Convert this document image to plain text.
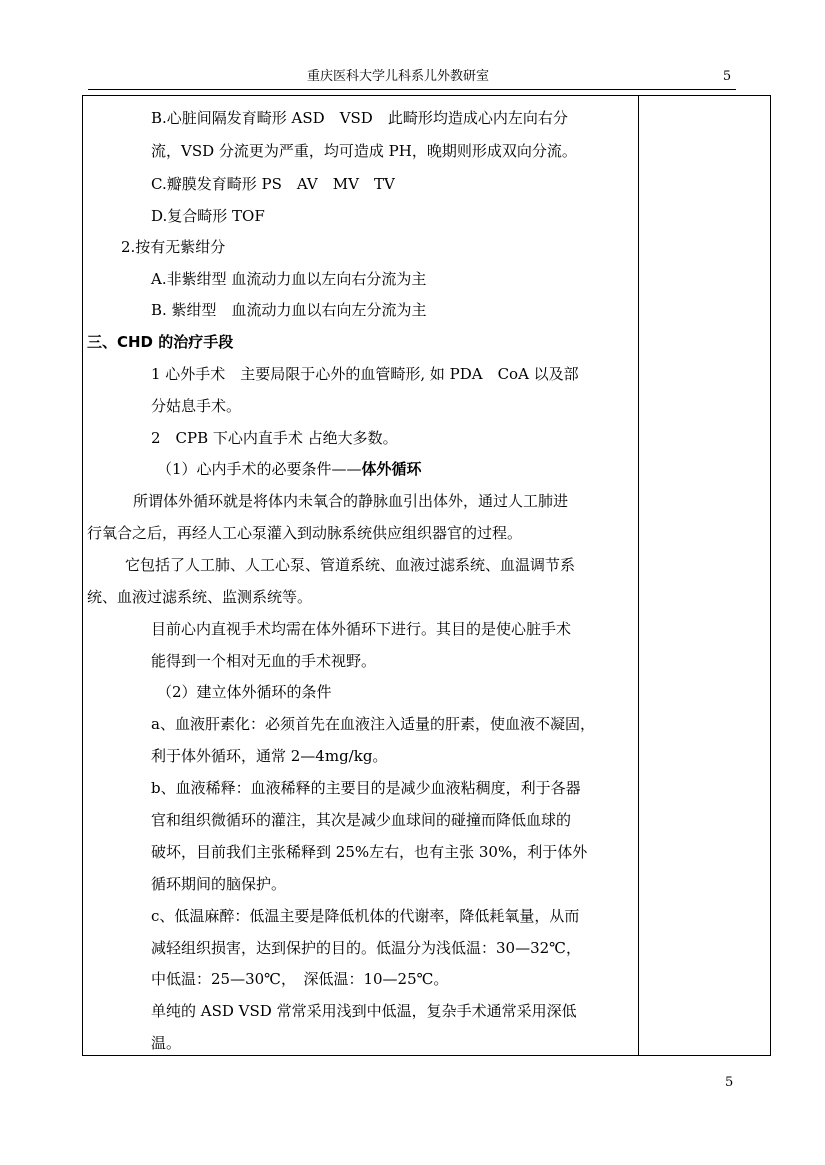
重庆医科大学儿科系儿外教研室	5
B.心脏间隔发育畸形 ASD　VSD　此畸形均造成心内左向右分
流，VSD 分流更为严重，均可造成 PH，晚期则形成双向分流。
C.瓣膜发育畸形 PS　AV　MV　TV
D.复合畸形 TOF
2.按有无紫绀分
A.非紫绀型 血流动力血以左向右分流为主
B. 紫绀型　血流动力血以右向左分流为主
三、CHD 的治疗手段
1 心外手术　主要局限于心外的血管畸形, 如 PDA　CoA 以及部
分姑息手术。
2　CPB 下心内直手术 占绝大多数。
（1）心内手术的必要条件——体外循环
所谓体外循环就是将体内未氧合的静脉血引出体外，通过人工肺进
行氧合之后，再经人工心泵灌入到动脉系统供应组织器官的过程。
它包括了人工肺、人工心泵、管道系统、血液过滤系统、血温调节系
统、血液过滤系统、监测系统等。
目前心内直视手术均需在体外循环下进行。其目的是使心脏手术
能得到一个相对无血的手术视野。
（2）建立体外循环的条件
a、血液肝素化：必须首先在血液注入适量的肝素，使血液不凝固，
利于体外循环，通常 2—4mg/kg。
b、血液稀释：血液稀释的主要目的是减少血液粘稠度，利于各器
官和组织微循环的灌注，其次是减少血球间的碰撞而降低血球的
破坏，目前我们主张稀释到 25%左右，也有主张 30%，利于体外
循环期间的脑保护。
c、低温麻醉：低温主要是降低机体的代谢率，降低耗氧量，从而
减轻组织损害，达到保护的目的。低温分为浅低温：30—32℃，
中低温：25—30℃，　深低温：10—25℃。
单纯的 ASD VSD 常常采用浅到中低温，复杂手术通常采用深低
温。
5
